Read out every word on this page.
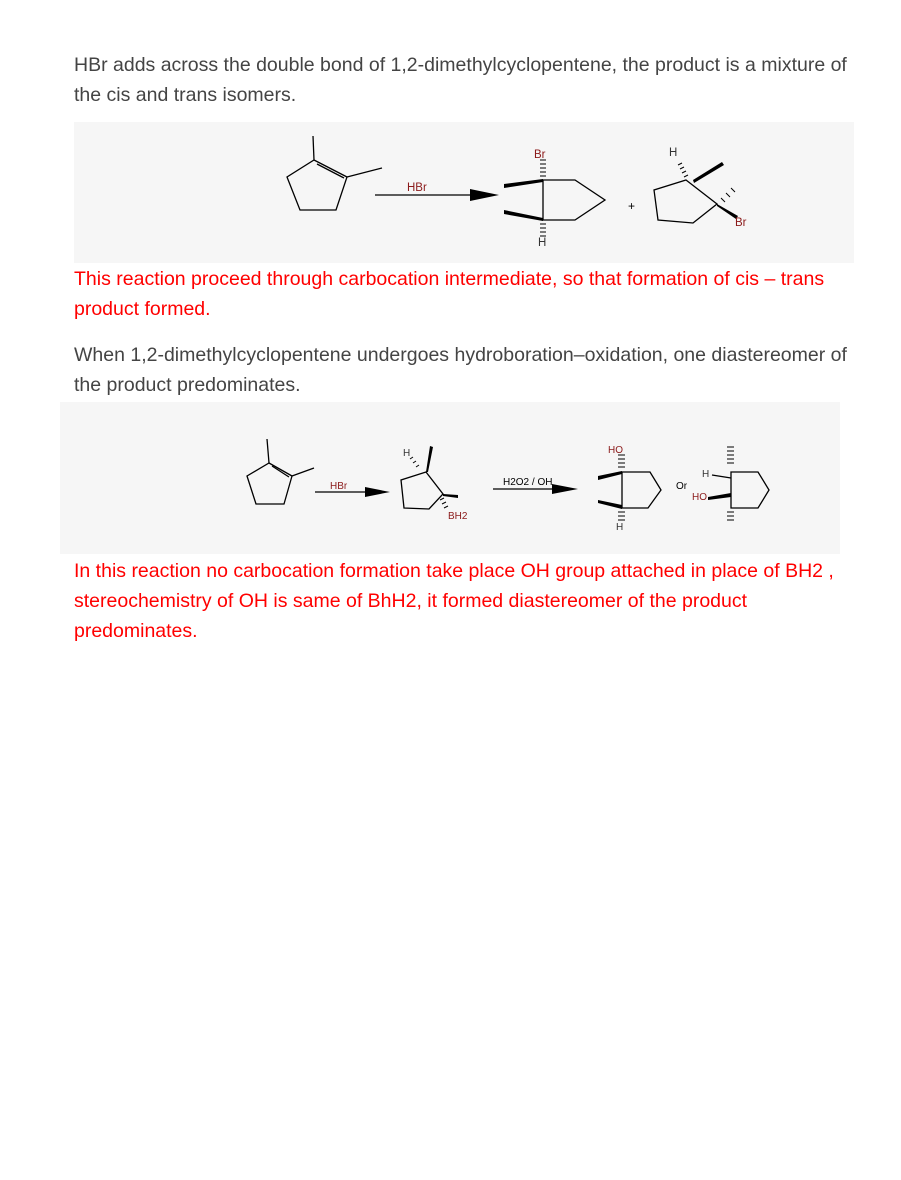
HBr adds across the double bond of 1,2-dimethylcyclopentene, the product is a mixture of the cis and trans isomers.

HBr
Br
H
+
H
Br

This reaction proceed through carbocation intermediate, so that formation of cis – trans product formed.

When 1,2-dimethylcyclopentene undergoes hydroboration–oxidation, one diastereomer of the product predominates.

HBr
H
BH2
H2O2 / OH
HO
H
Or
H
HO

In this reaction no carbocation formation take place OH group attached in place of BH2 , stereochemistry of OH is same of BhH2, it formed diastereomer of the product predominates.
